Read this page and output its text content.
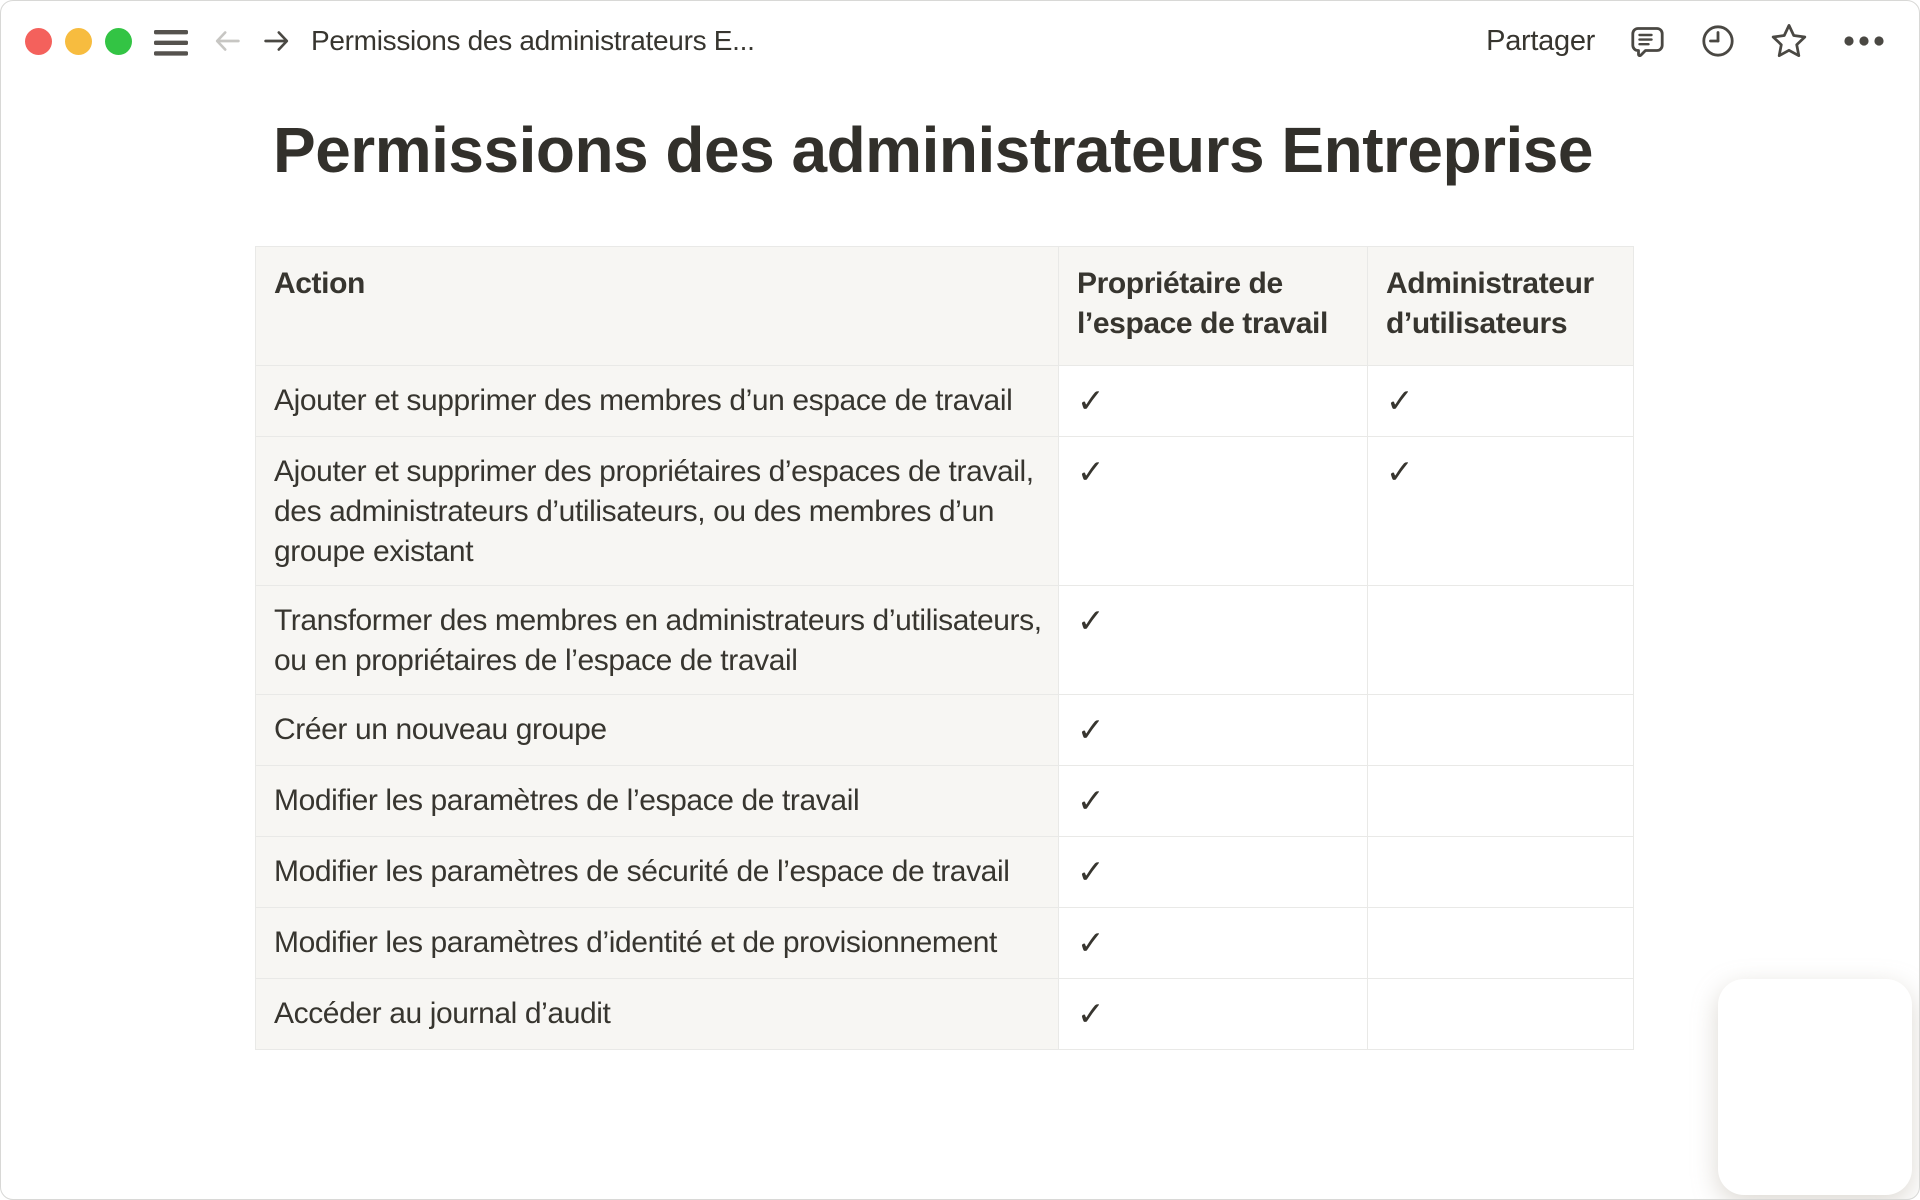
Permissions des administrateurs E...	Partager
Permissions des administrateurs Entreprise
Action	Propriétaire de l’espace de travail	Administrateur d’utilisateurs
Ajouter et supprimer des membres d’un espace de travail	✓	✓
Ajouter et supprimer des propriétaires d’espaces de travail, des administrateurs d’utilisateurs, ou des membres d’un groupe existant	✓	✓
Transformer des membres en administrateurs d’utilisateurs, ou en propriétaires de l’espace de travail	✓	
Créer un nouveau groupe	✓	
Modifier les paramètres de l’espace de travail	✓	
Modifier les paramètres de sécurité de l’espace de travail	✓	
Modifier les paramètres d’identité et de provisionnement	✓	
Accéder au journal d’audit	✓	
